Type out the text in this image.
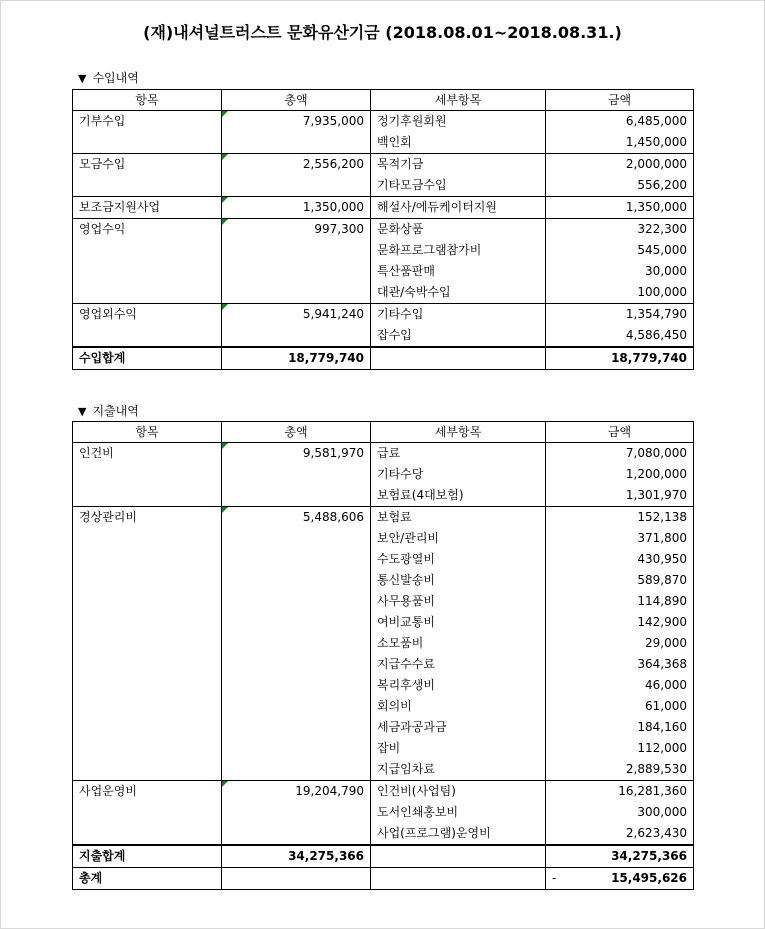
(재)내셔널트러스트 문화유산기금 (2018.08.01~2018.08.31.)
▼ 수입내역
항목	총액	세부항목	금액
기부수입	7,935,000	정기후원회원	6,485,000
		백인회	1,450,000
모금수입	2,556,200	목적기금	2,000,000
		기타모금수입	556,200
보조금지원사업	1,350,000	해설사/에듀케이터지원	1,350,000
영업수익	997,300	문화상품	322,300
		문화프로그램참가비	545,000
		특산품판매	30,000
		대관/숙박수입	100,000
영업외수익	5,941,240	기타수입	1,354,790
		잡수입	4,586,450
수입합계	18,779,740		18,779,740
▼ 지출내역
항목	총액	세부항목	금액
인건비	9,581,970	급료	7,080,000
		기타수당	1,200,000
		보험료(4대보험)	1,301,970
경상관리비	5,488,606	보험료	152,138
		보안/관리비	371,800
		수도광열비	430,950
		통신발송비	589,870
		사무용품비	114,890
		여비교통비	142,900
		소모품비	29,000
		지급수수료	364,368
		복리후생비	46,000
		회의비	61,000
		세금과공과금	184,160
		잡비	112,000
		지급임차료	2,889,530
사업운영비	19,204,790	인건비(사업팀)	16,281,360
		도서인쇄홍보비	300,000
		사업(프로그램)운영비	2,623,430
지출합계	34,275,366		34,275,366
총계			- 15,495,626
